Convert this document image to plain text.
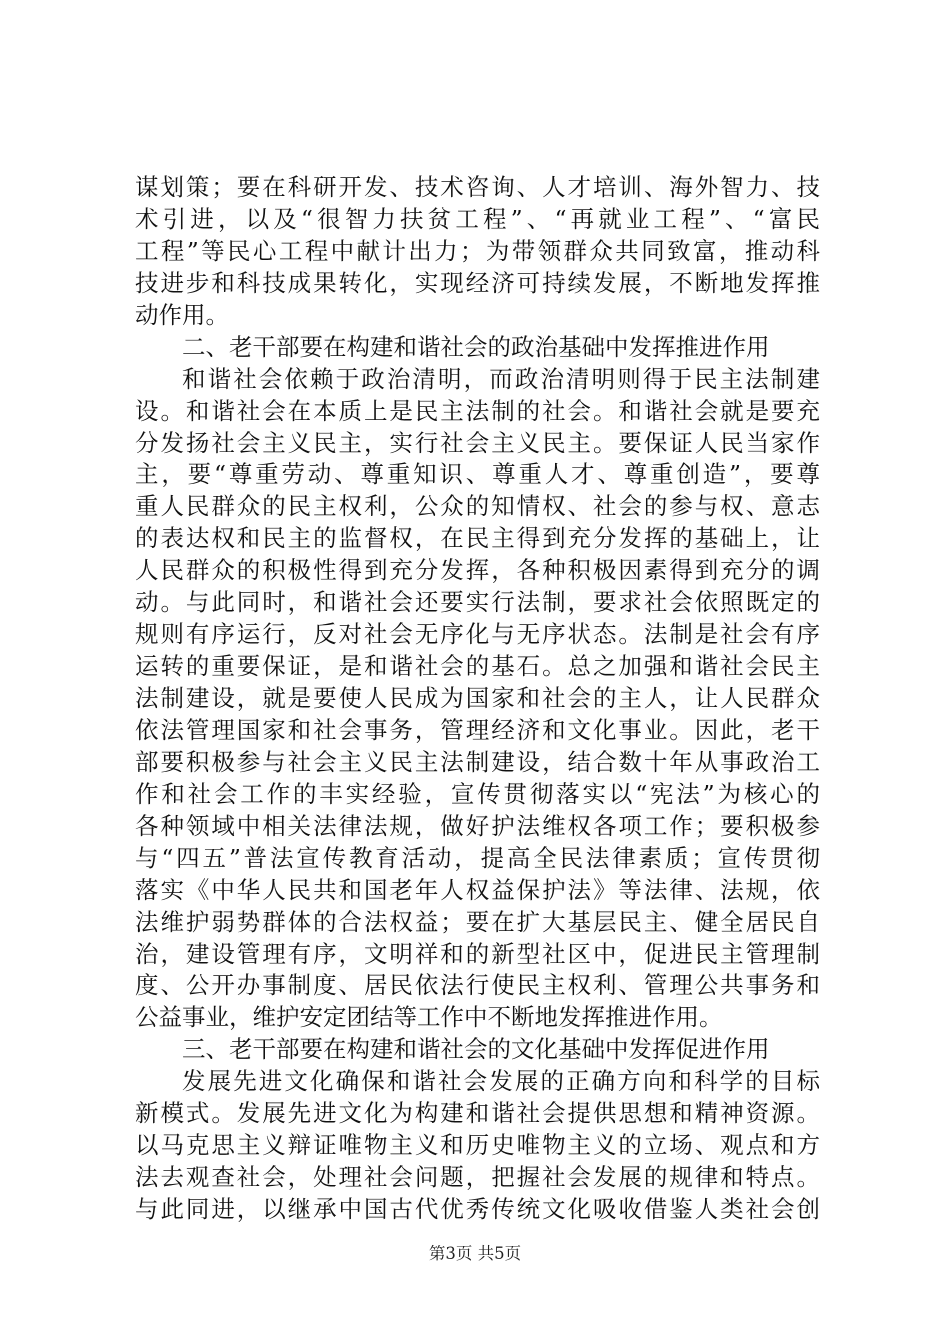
谋划策；要在科研开发、技术咨询、人才培训、海外智力、技
术引进，以及“很智力扶贫工程”、“再就业工程”、“富民
工程”等民心工程中献计出力；为带领群众共同致富，推动科
技进步和科技成果转化，实现经济可持续发展，不断地发挥推
动作用。
二、老干部要在构建和谐社会的政治基础中发挥推进作用
和谐社会依赖于政治清明，而政治清明则得于民主法制建
设。和谐社会在本质上是民主法制的社会。和谐社会就是要充
分发扬社会主义民主，实行社会主义民主。要保证人民当家作
主，要“尊重劳动、尊重知识、尊重人才、尊重创造”，要尊
重人民群众的民主权利，公众的知情权、社会的参与权、意志
的表达权和民主的监督权，在民主得到充分发挥的基础上，让
人民群众的积极性得到充分发挥，各种积极因素得到充分的调
动。与此同时，和谐社会还要实行法制，要求社会依照既定的
规则有序运行，反对社会无序化与无序状态。法制是社会有序
运转的重要保证，是和谐社会的基石。总之加强和谐社会民主
法制建设，就是要使人民成为国家和社会的主人，让人民群众
依法管理国家和社会事务，管理经济和文化事业。因此，老干
部要积极参与社会主义民主法制建设，结合数十年从事政治工
作和社会工作的丰实经验，宣传贯彻落实以“宪法”为核心的
各种领域中相关法律法规，做好护法维权各项工作；要积极参
与“四五”普法宣传教育活动，提高全民法律素质；宣传贯彻
落实《中华人民共和国老年人权益保护法》等法律、法规，依
法维护弱势群体的合法权益；要在扩大基层民主、健全居民自
治，建设管理有序，文明祥和的新型社区中，促进民主管理制
度、公开办事制度、居民依法行使民主权利、管理公共事务和
公益事业，维护安定团结等工作中不断地发挥推进作用。
三、老干部要在构建和谐社会的文化基础中发挥促进作用
发展先进文化确保和谐社会发展的正确方向和科学的目标
新模式。发展先进文化为构建和谐社会提供思想和精神资源。
以马克思主义辩证唯物主义和历史唯物主义的立场、观点和方
法去观查社会，处理社会问题，把握社会发展的规律和特点。
与此同进，以继承中国古代优秀传统文化吸收借鉴人类社会创
第3页 共5页
